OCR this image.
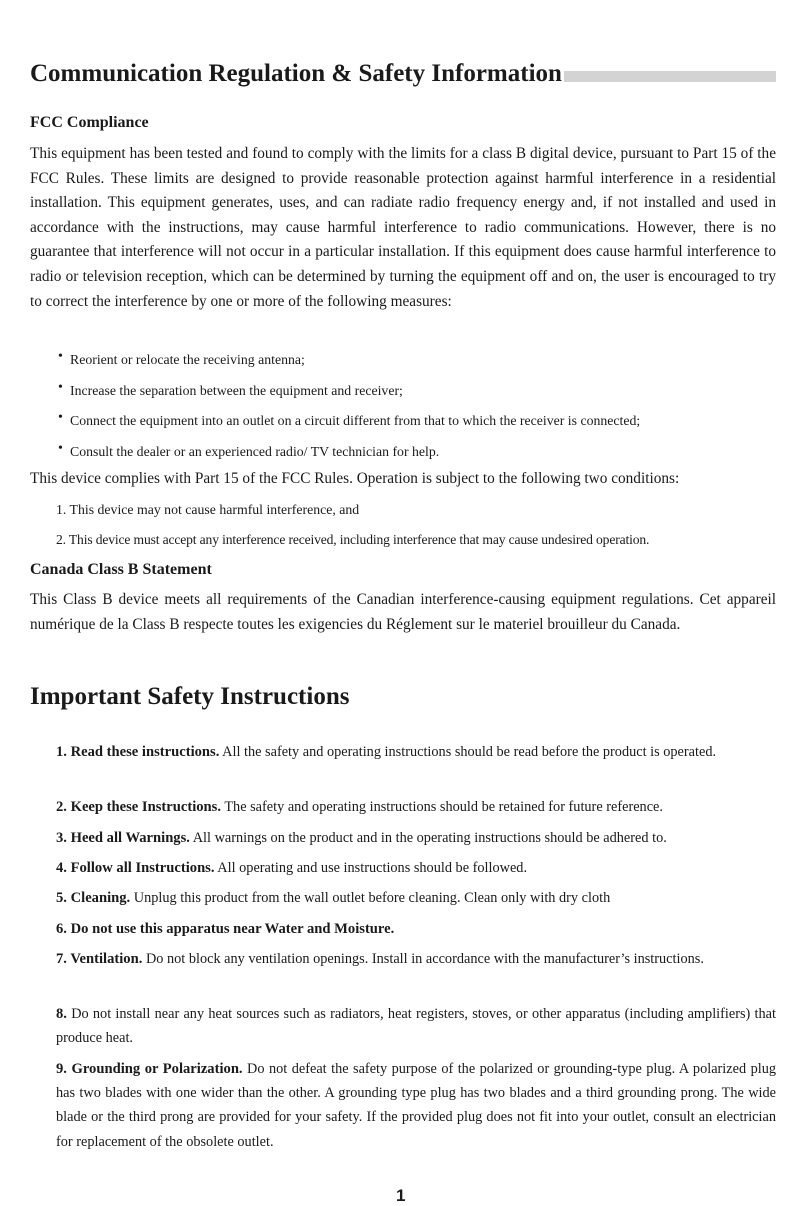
Communication Regulation & Safety Information
FCC Compliance

This equipment has been tested and found to comply with the limits for a class B digital device, pursuant to Part 15 of the FCC Rules. These limits are designed to provide reasonable protection against harmful interference in a residential installation. This equipment generates, uses, and can radiate radio frequency energy and, if not installed and used in accordance with the instructions, may cause harmful interference to radio communications. However, there is no guarantee that interference will not occur in a particular installation. If this equipment does cause harmful interference to radio or television reception, which can be determined by turning the equipment off and on, the user is encouraged to try to correct the interference by one or more of the following measures:

• Reorient or relocate the receiving antenna;
• Increase the separation between the equipment and receiver;
• Connect the equipment into an outlet on a circuit different from that to which the receiver is connected;
• Consult the dealer or an experienced radio/ TV technician for help.

This device complies with Part 15 of the FCC Rules. Operation is subject to the following two conditions:

1. This device may not cause harmful interference, and

2. This device must accept any interference received, including interference that may cause undesired operation.

Canada Class B Statement

This Class B device meets all requirements of the Canadian interference-causing equipment regulations. Cet appareil numérique de la Class B respecte toutes les exigencies du Réglement sur le materiel brouilleur du Canada.

Important Safety Instructions

1. Read these instructions. All the safety and operating instructions should be read before the product is operated.

2. Keep these Instructions. The safety and operating instructions should be retained for future reference.

3. Heed all Warnings. All warnings on the product and in the operating instructions should be adhered to.

4. Follow all Instructions. All operating and use instructions should be followed.

5. Cleaning. Unplug this product from the wall outlet before cleaning. Clean only with dry cloth

6. Do not use this apparatus near Water and Moisture.

7. Ventilation. Do not block any ventilation openings. Install in accordance with the manufacturer’s instructions.

8. Do not install near any heat sources such as radiators, heat registers, stoves, or other apparatus (including amplifiers) that produce heat.

9. Grounding or Polarization. Do not defeat the safety purpose of the polarized or grounding-type plug. A polarized plug has two blades with one wider than the other. A grounding type plug has two blades and a third grounding prong. The wide blade or the third prong are provided for your safety. If the provided plug does not fit into your outlet, consult an electrician for replacement of the obsolete outlet.

1
